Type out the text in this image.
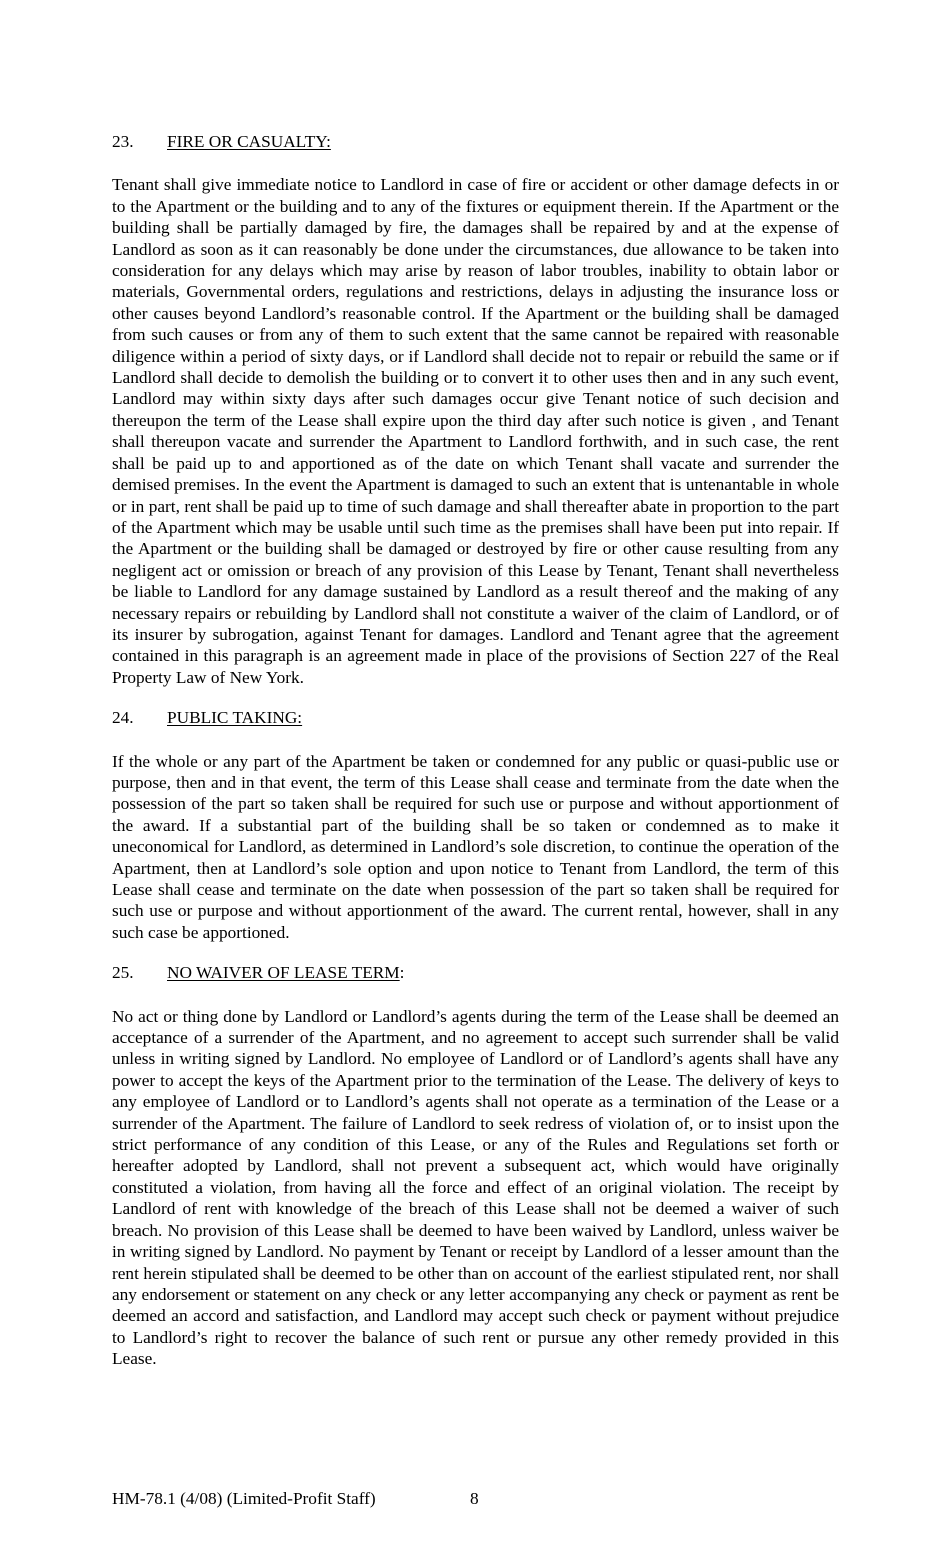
23. FIRE OR CASUALTY:

Tenant shall give immediate notice to Landlord in case of fire or accident or other damage defects in or to the Apartment or the building and to any of the fixtures or equipment therein. If the Apartment or the building shall be partially damaged by fire, the damages shall be repaired by and at the expense of Landlord as soon as it can reasonably be done under the circumstances, due allowance to be taken into consideration for any delays which may arise by reason of labor troubles, inability to obtain labor or materials, Governmental orders, regulations and restrictions, delays in adjusting the insurance loss or other causes beyond Landlord’s reasonable control. If the Apartment or the building shall be damaged from such causes or from any of them to such extent that the same cannot be repaired with reasonable diligence within a period of sixty days, or if Landlord shall decide not to repair or rebuild the same or if Landlord shall decide to demolish the building or to convert it to other uses then and in any such event, Landlord may within sixty days after such damages occur give Tenant notice of such decision and thereupon the term of the Lease shall expire upon the third day after such notice is given , and Tenant shall thereupon vacate and surrender the Apartment to Landlord forthwith, and in such case, the rent shall be paid up to and apportioned as of the date on which Tenant shall vacate and surrender the demised premises. In the event the Apartment is damaged to such an extent that is untenantable in whole or in part, rent shall be paid up to time of such damage and shall thereafter abate in proportion to the part of the Apartment which may be usable until such time as the premises shall have been put into repair. If the Apartment or the building shall be damaged or destroyed by fire or other cause resulting from any negligent act or omission or breach of any provision of this Lease by Tenant, Tenant shall nevertheless be liable to Landlord for any damage sustained by Landlord as a result thereof and the making of any necessary repairs or rebuilding by Landlord shall not constitute a waiver of the claim of Landlord, or of its insurer by subrogation, against Tenant for damages. Landlord and Tenant agree that the agreement contained in this paragraph is an agreement made in place of the provisions of Section 227 of the Real Property Law of New York.

24. PUBLIC TAKING:

If the whole or any part of the Apartment be taken or condemned for any public or quasi-public use or purpose, then and in that event, the term of this Lease shall cease and terminate from the date when the possession of the part so taken shall be required for such use or purpose and without apportionment of the award. If a substantial part of the building shall be so taken or condemned as to make it uneconomical for Landlord, as determined in Landlord’s sole discretion, to continue the operation of the Apartment, then at Landlord’s sole option and upon notice to Tenant from Landlord, the term of this Lease shall cease and terminate on the date when possession of the part so taken shall be required for such use or purpose and without apportionment of the award. The current rental, however, shall in any such case be apportioned.

25. NO WAIVER OF LEASE TERM:

No act or thing done by Landlord or Landlord’s agents during the term of the Lease shall be deemed an acceptance of a surrender of the Apartment, and no agreement to accept such surrender shall be valid unless in writing signed by Landlord. No employee of Landlord or of Landlord’s agents shall have any power to accept the keys of the Apartment prior to the termination of the Lease. The delivery of keys to any employee of Landlord or to Landlord’s agents shall not operate as a termination of the Lease or a surrender of the Apartment. The failure of Landlord to seek redress of violation of, or to insist upon the strict performance of any condition of this Lease, or any of the Rules and Regulations set forth or hereafter adopted by Landlord, shall not prevent a subsequent act, which would have originally constituted a violation, from having all the force and effect of an original violation. The receipt by Landlord of rent with knowledge of the breach of this Lease shall not be deemed a waiver of such breach. No provision of this Lease shall be deemed to have been waived by Landlord, unless waiver be in writing signed by Landlord. No payment by Tenant or receipt by Landlord of a lesser amount than the rent herein stipulated shall be deemed to be other than on account of the earliest stipulated rent, nor shall any endorsement or statement on any check or any letter accompanying any check or payment as rent be deemed an accord and satisfaction, and Landlord may accept such check or payment without prejudice to Landlord’s right to recover the balance of such rent or pursue any other remedy provided in this Lease.

HM-78.1 (4/08) (Limited-Profit Staff)	8
